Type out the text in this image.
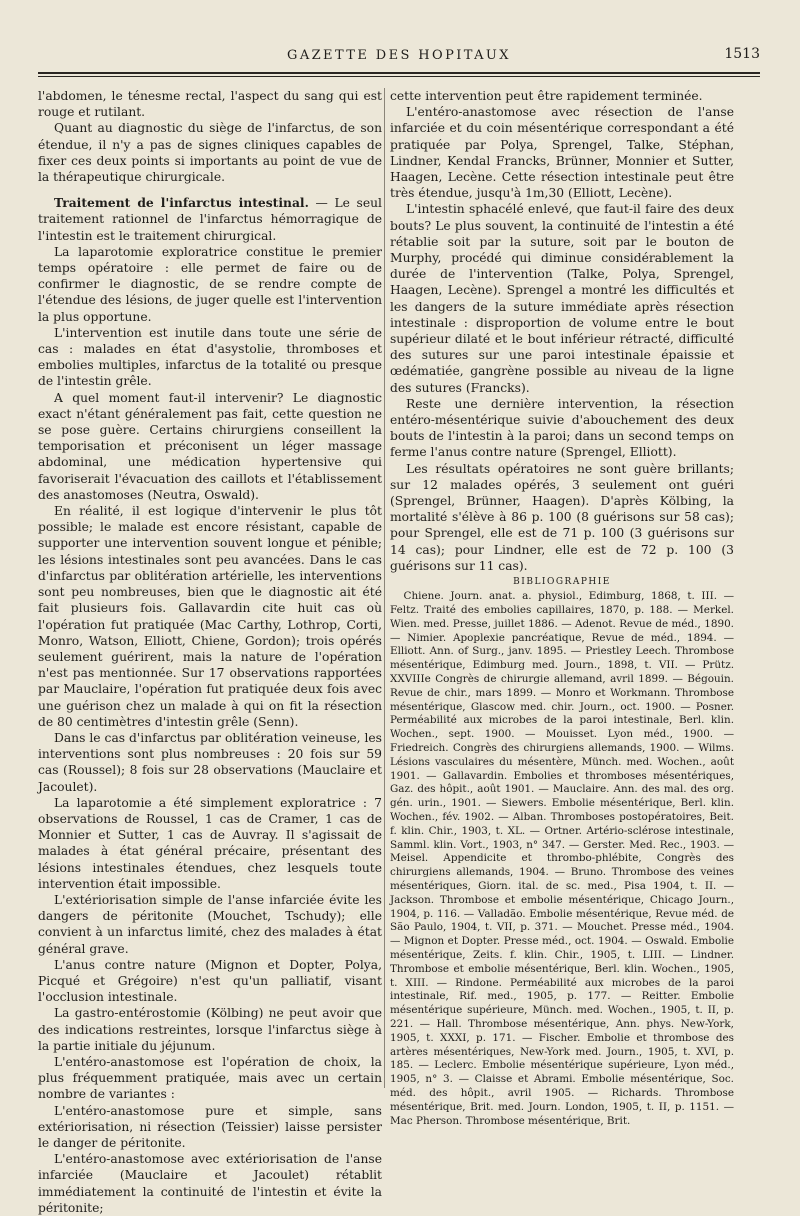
GAZETTE DES HOPITAUX	1513

l'abdomen, le ténesme rectal, l'aspect du sang qui est rouge et rutilant.

Quant au diagnostic du siège de l'infarctus, de son étendue, il n'y a pas de signes cliniques capables de fixer ces deux points si importants au point de vue de la thérapeutique chirurgicale.

Traitement de l'infarctus intestinal. — Le seul traitement rationnel de l'infarctus hémorragique de l'intestin est le traitement chirurgical.

La laparotomie exploratrice constitue le premier temps opératoire : elle permet de faire ou de confirmer le diagnostic, de se rendre compte de l'étendue des lésions, de juger quelle est l'intervention la plus opportune.

L'intervention est inutile dans toute une série de cas : malades en état d'asystolie, thromboses et embolies multiples, infarctus de la totalité ou presque de l'intestin grêle.

A quel moment faut-il intervenir? Le diagnostic exact n'étant généralement pas fait, cette question ne se pose guère. Certains chirurgiens conseillent la temporisation et préconisent un léger massage abdominal, une médication hypertensive qui favoriserait l'évacuation des caillots et l'établissement des anastomoses (Neutra, Oswald).

En réalité, il est logique d'intervenir le plus tôt possible; le malade est encore résistant, capable de supporter une intervention souvent longue et pénible; les lésions intestinales sont peu avancées. Dans le cas d'infarctus par oblitération artérielle, les interventions sont peu nombreuses, bien que le diagnostic ait été fait plusieurs fois. Gallavardin cite huit cas où l'opération fut pratiquée (Mac Carthy, Lothrop, Corti, Monro, Watson, Elliott, Chiene, Gordon); trois opérés seulement guérirent, mais la nature de l'opération n'est pas mentionnée. Sur 17 observations rapportées par Mauclaire, l'opération fut pratiquée deux fois avec une guérison chez un malade à qui on fit la résection de 80 centimètres d'intestin grêle (Senn).

Dans le cas d'infarctus par oblitération veineuse, les interventions sont plus nombreuses : 20 fois sur 59 cas (Roussel); 8 fois sur 28 observations (Mauclaire et Jacoulet).

La laparotomie a été simplement exploratrice : 7 observations de Roussel, 1 cas de Cramer, 1 cas de Monnier et Sutter, 1 cas de Auvray. Il s'agissait de malades à état général précaire, présentant des lésions intestinales étendues, chez lesquels toute intervention était impossible.

L'extériorisation simple de l'anse infarciée évite les dangers de péritonite (Mouchet, Tschudy); elle convient à un infarctus limité, chez des malades à état général grave.

L'anus contre nature (Mignon et Dopter, Polya, Picqué et Grégoire) n'est qu'un palliatif, visant l'occlusion intestinale.

La gastro-entérostomie (Kölbing) ne peut avoir que des indications restreintes, lorsque l'infarctus siège à la partie initiale du jéjunum.

L'entéro-anastomose est l'opération de choix, la plus fréquemment pratiquée, mais avec un certain nombre de variantes :

L'entéro-anastomose pure et simple, sans extériorisation, ni résection (Teissier) laisse persister le danger de péritonite.

L'entéro-anastomose avec extériorisation de l'anse infarciée (Mauclaire et Jacoulet) rétablit immédiatement la continuité de l'intestin et évite la péritonite;

cette intervention peut être rapidement terminée.

L'entéro-anastomose avec résection de l'anse infarciée et du coin mésentérique correspondant a été pratiquée par Polya, Sprengel, Talke, Stéphan, Lindner, Kendal Francks, Brünner, Monnier et Sutter, Haagen, Lecène. Cette résection intestinale peut être très étendue, jusqu'à 1m,30 (Elliott, Lecène).

L'intestin sphacélé enlevé, que faut-il faire des deux bouts? Le plus souvent, la continuité de l'intestin a été rétablie soit par la suture, soit par le bouton de Murphy, procédé qui diminue considérablement la durée de l'intervention (Talke, Polya, Sprengel, Haagen, Lecène). Sprengel a montré les difficultés et les dangers de la suture immédiate après résection intestinale : disproportion de volume entre le bout supérieur dilaté et le bout inférieur rétracté, difficulté des sutures sur une paroi intestinale épaissie et œdématiée, gangrène possible au niveau de la ligne des sutures (Francks).

Reste une dernière intervention, la résection entéro-mésentérique suivie d'abouchement des deux bouts de l'intestin à la paroi; dans un second temps on ferme l'anus contre nature (Sprengel, Elliott).

Les résultats opératoires ne sont guère brillants; sur 12 malades opérés, 3 seulement ont guéri (Sprengel, Brünner, Haagen). D'après Kölbing, la mortalité s'élève à 86 p. 100 (8 guérisons sur 58 cas); pour Sprengel, elle est de 71 p. 100 (3 guérisons sur 14 cas); pour Lindner, elle est de 72 p. 100 (3 guérisons sur 11 cas).

BIBLIOGRAPHIE

Chiene. Journ. anat. a. physiol., Edimburg, 1868, t. III. — Feltz. Traité des embolies capillaires, 1870, p. 188. — Merkel. Wien. med. Presse, juillet 1886. — Adenot. Revue de méd., 1890. — Nimier. Apoplexie pancréatique, Revue de méd., 1894. — Elliott. Ann. of Surg., janv. 1895. — Priestley Leech. Thrombose mésentérique, Edimburg med. Journ., 1898, t. VII. — Prütz. XXVIIIe Congrès de chirurgie allemand, avril 1899. — Bégouin. Revue de chir., mars 1899. — Monro et Workmann. Thrombose mésentérique, Glascow med. chir. Journ., oct. 1900. — Posner. Perméabilité aux microbes de la paroi intestinale, Berl. klin. Wochen., sept. 1900. — Mouisset. Lyon méd., 1900. — Friedreich. Congrès des chirurgiens allemands, 1900. — Wilms. Lésions vasculaires du mésentère, Münch. med. Wochen., août 1901. — Gallavardin. Embolies et thromboses mésentériques, Gaz. des hôpit., août 1901. — Mauclaire. Ann. des mal. des org. gén. urin., 1901. — Siewers. Embolie mésentérique, Berl. klin. Wochen., fév. 1902. — Alban. Thromboses postopératoires, Beit. f. klin. Chir., 1903, t. XL. — Ortner. Artério-sclérose intestinale, Samml. klin. Vort., 1903, n° 347. — Gerster. Med. Rec., 1903. — Meisel. Appendicite et thrombo-phlébite, Congrès des chirurgiens allemands, 1904. — Bruno. Thrombose des veines mésentériques, Giorn. ital. de sc. med., Pisa 1904, t. II. — Jackson. Thrombose et embolie mésentérique, Chicago Journ., 1904, p. 116. — Valladão. Embolie mésentérique, Revue méd. de São Paulo, 1904, t. VII, p. 371. — Mouchet. Presse méd., 1904. — Mignon et Dopter. Presse méd., oct. 1904. — Oswald. Embolie mésentérique, Zeits. f. klin. Chir., 1905, t. LIII. — Lindner. Thrombose et embolie mésentérique, Berl. klin. Wochen., 1905, t. XIII. — Rindone. Perméabilité aux microbes de la paroi intestinale, Rif. med., 1905, p. 177. — Reitter. Embolie mésentérique supérieure, Münch. med. Wochen., 1905, t. II, p. 221. — Hall. Thrombose mésentérique, Ann. phys. New-York, 1905, t. XXXI, p. 171. — Fischer. Embolie et thrombose des artères mésentériques, New-York med. Journ., 1905, t. XVI, p. 185. — Leclerc. Embolie mésentérique supérieure, Lyon méd., 1905, n° 3. — Claisse et Abrami. Embolie mésentérique, Soc. méd. des hôpit., avril 1905. — Richards. Thrombose mésentérique, Brit. med. Journ. London, 1905, t. II, p. 1151. — Mac Pherson. Thrombose mésentérique, Brit.
